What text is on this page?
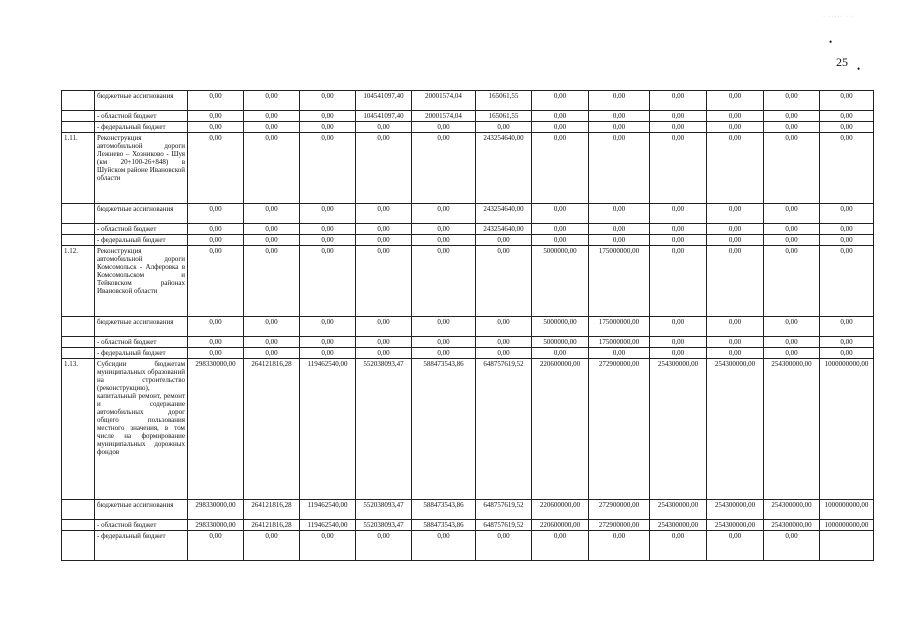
· ····· ···
•
25 •
	бюджетные ассигнования	0,00	0,00	0,00	104541097,40	20001574,04	165061,55	0,00	0,00	0,00	0,00	0,00	0,00
	- областной бюджет	0,00	0,00	0,00	104541097,40	20001574,04	165061,55	0,00	0,00	0,00	0,00	0,00	0,00
	- федеральный бюджет	0,00	0,00	0,00	0,00	0,00	0,00	0,00	0,00	0,00	0,00	0,00	0,00
1.11.	Реконструкция автомобильной дороги Лежнево – Хозниково - Шуя (км 20+100-26+848) в Шуйском районе Ивановской области	0,00	0,00	0,00	0,00	0,00	243254640,00	0,00	0,00	0,00	0,00	0,00	0,00
	бюджетные ассигнования	0,00	0,00	0,00	0,00	0,00	243254640,00	0,00	0,00	0,00	0,00	0,00	0,00
	- областной бюджет	0,00	0,00	0,00	0,00	0,00	243254640,00	0,00	0,00	0,00	0,00	0,00	0,00
	- федеральный бюджет	0,00	0,00	0,00	0,00	0,00	0,00	0,00	0,00	0,00	0,00	0,00	0,00
1.12.	Реконструкция автомобильной дороги Комсомольск - Алферовка в Комсомольском и Тейковском районах Ивановской области	0,00	0,00	0,00	0,00	0,00	0,00	5000000,00	175000000,00	0,00	0,00	0,00	0,00
	бюджетные ассигнования	0,00	0,00	0,00	0,00	0,00	0,00	5000000,00	175000000,00	0,00	0,00	0,00	0,00
	- областной бюджет	0,00	0,00	0,00	0,00	0,00	0,00	5000000,00	175000000,00	0,00	0,00	0,00	0,00
	- федеральный бюджет	0,00	0,00	0,00	0,00	0,00	0,00	0,00	0,00	0,00	0,00	0,00	0,00
1.13.	Субсидии бюджетам муниципальных образований на строительство (реконструкцию), капитальный ремонт, ремонт и содержание автомобильных дорог общего пользования местного значения, в том числе на формирование муниципальных дорожных фондов	298330000,00	264121816,28	119462540,00	552038093,47	588473543,86	648757619,52	220600000,00	272900000,00	254300000,00	254300000,00	254300000,00	1000000000,00
	бюджетные ассигнования	298330000,00	264121816,28	119462540,00	552038093,47	588473543,86	648757619,52	220600000,00	272900000,00	254300000,00	254300000,00	254300000,00	1000000000,00
	- областной бюджет	298330000,00	264121816,28	119462540,00	552038093,47	588473543,86	648757619,52	220600000,00	272900000,00	254300000,00	254300000,00	254300000,00	1000000000,00
	- федеральный бюджет	0,00	0,00	0,00	0,00	0,00	0,00	0,00	0,00	0,00	0,00	0,00	
